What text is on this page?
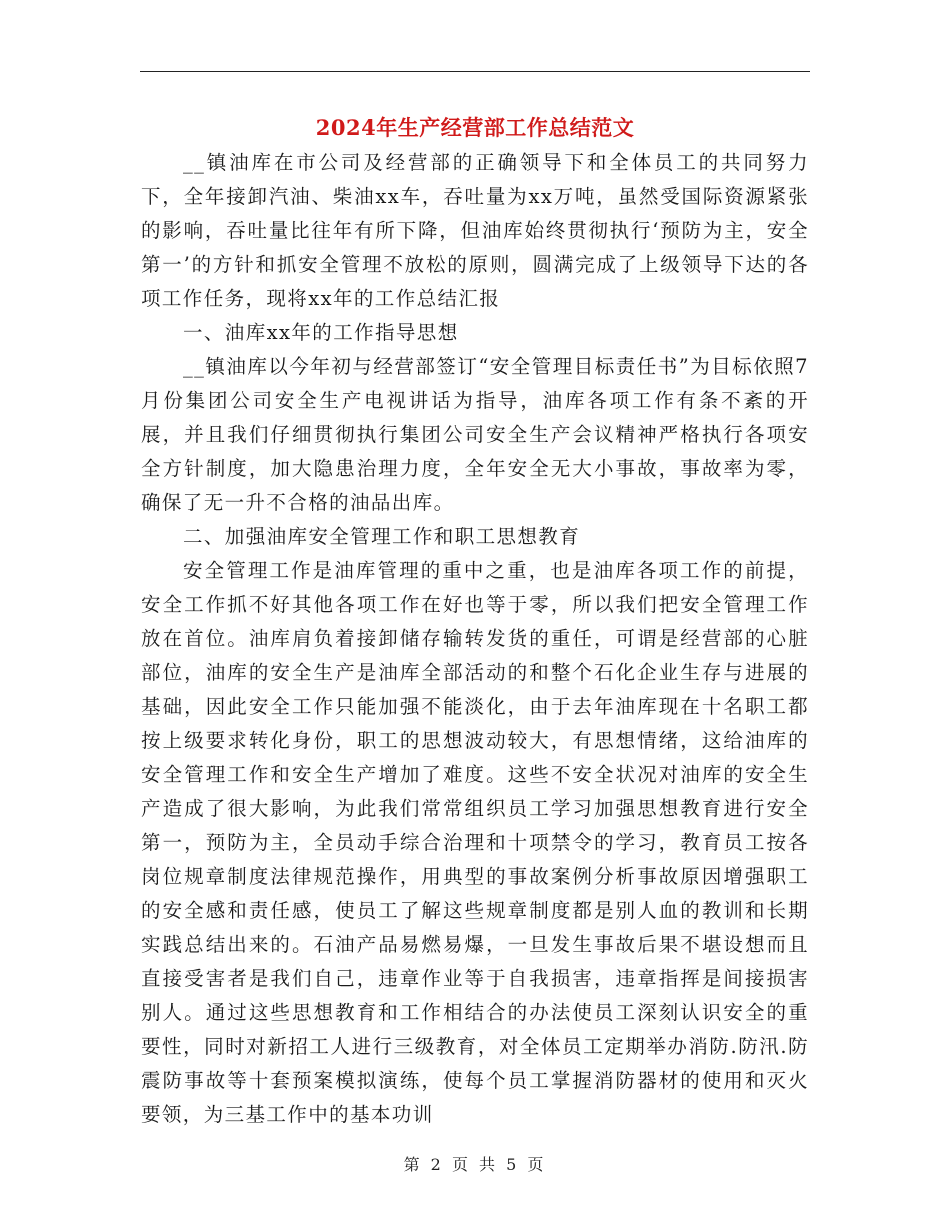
2024年生产经营部工作总结范文

__镇油库在市公司及经营部的正确领导下和全体员工的共同努力下，全年接卸汽油、柴油xx车，吞吐量为xx万吨，虽然受国际资源紧张的影响，吞吐量比往年有所下降，但油库始终贯彻执行‘预防为主，安全第一’的方针和抓安全管理不放松的原则，圆满完成了上级领导下达的各项工作任务，现将xx年的工作总结汇报

一、油库xx年的工作指导思想

__镇油库以今年初与经营部签订“安全管理目标责任书”为目标依照7月份集团公司安全生产电视讲话为指导，油库各项工作有条不紊的开展，并且我们仔细贯彻执行集团公司安全生产会议精神严格执行各项安全方针制度，加大隐患治理力度，全年安全无大小事故，事故率为零，确保了无一升不合格的油品出库。

二、加强油库安全管理工作和职工思想教育

安全管理工作是油库管理的重中之重，也是油库各项工作的前提，安全工作抓不好其他各项工作在好也等于零，所以我们把安全管理工作放在首位。油库肩负着接卸储存输转发货的重任，可谓是经营部的心脏部位，油库的安全生产是油库全部活动的和整个石化企业生存与进展的基础，因此安全工作只能加强不能淡化，由于去年油库现在十名职工都按上级要求转化身份，职工的思想波动较大，有思想情绪，这给油库的安全管理工作和安全生产增加了难度。这些不安全状况对油库的安全生产造成了很大影响，为此我们常常组织员工学习加强思想教育进行安全第一，预防为主，全员动手综合治理和十项禁令的学习，教育员工按各岗位规章制度法律规范操作，用典型的事故案例分析事故原因增强职工的安全感和责任感，使员工了解这些规章制度都是别人血的教训和长期实践总结出来的。石油产品易燃易爆，一旦发生事故后果不堪设想而且直接受害者是我们自己，违章作业等于自我损害，违章指挥是间接损害别人。通过这些思想教育和工作相结合的办法使员工深刻认识安全的重要性，同时对新招工人进行三级教育，对全体员工定期举办消防.防汛.防震防事故等十套预案模拟演练，使每个员工掌握消防器材的使用和灭火要领，为三基工作中的基本功训

第 2 页 共 5 页
